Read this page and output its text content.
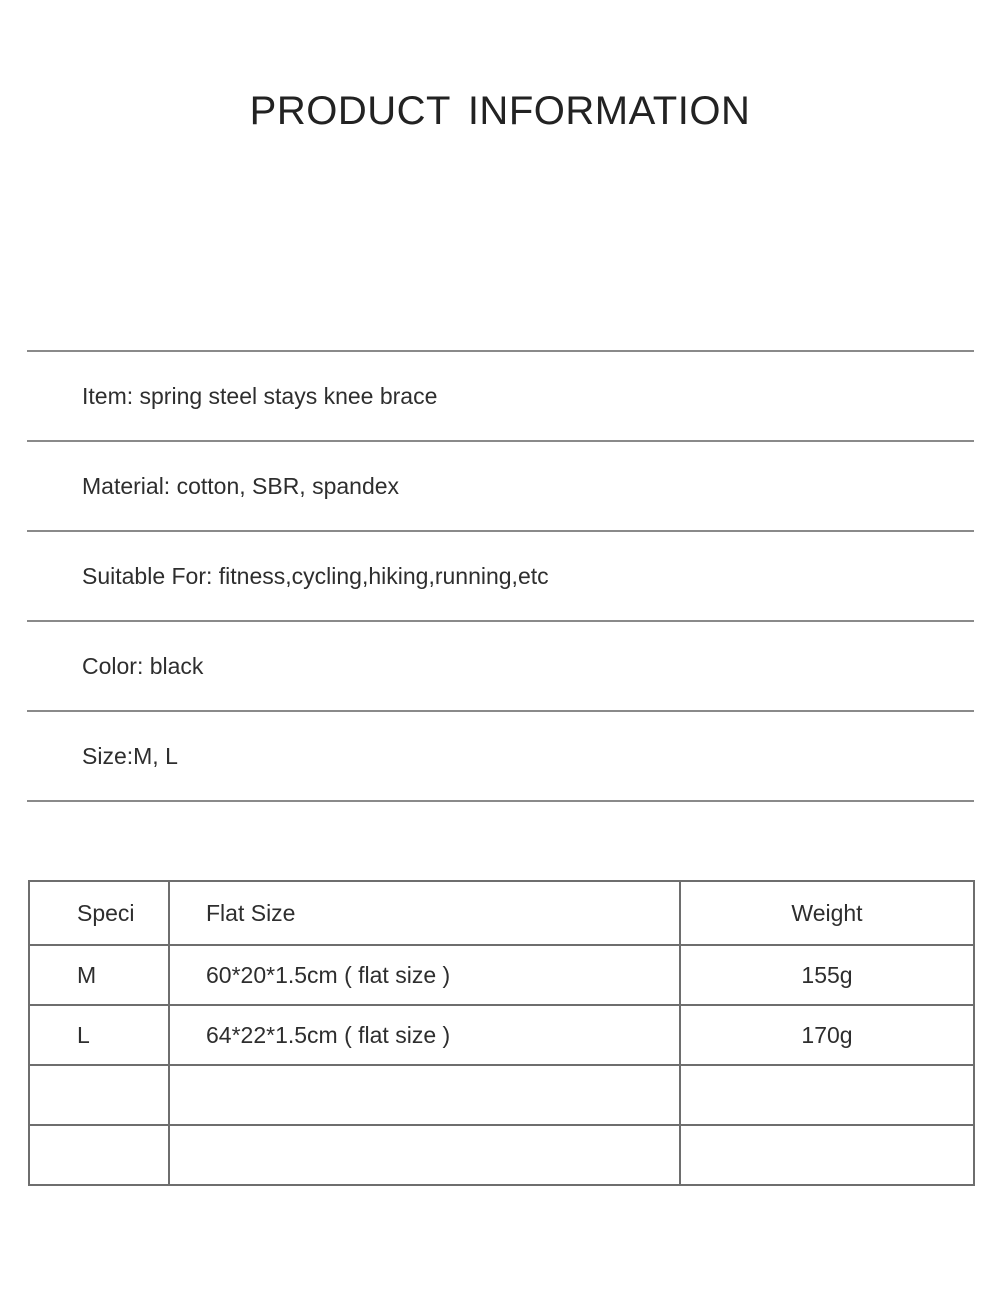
PRODUCT INFORMATION
Item: spring steel stays knee brace
Material: cotton, SBR, spandex
Suitable For: fitness,cycling,hiking,running,etc
Color: black
Size:M, L
Speci	Flat Size	Weight
M	60*20*1.5cm ( flat size )	155g
L	64*22*1.5cm ( flat size )	170g
